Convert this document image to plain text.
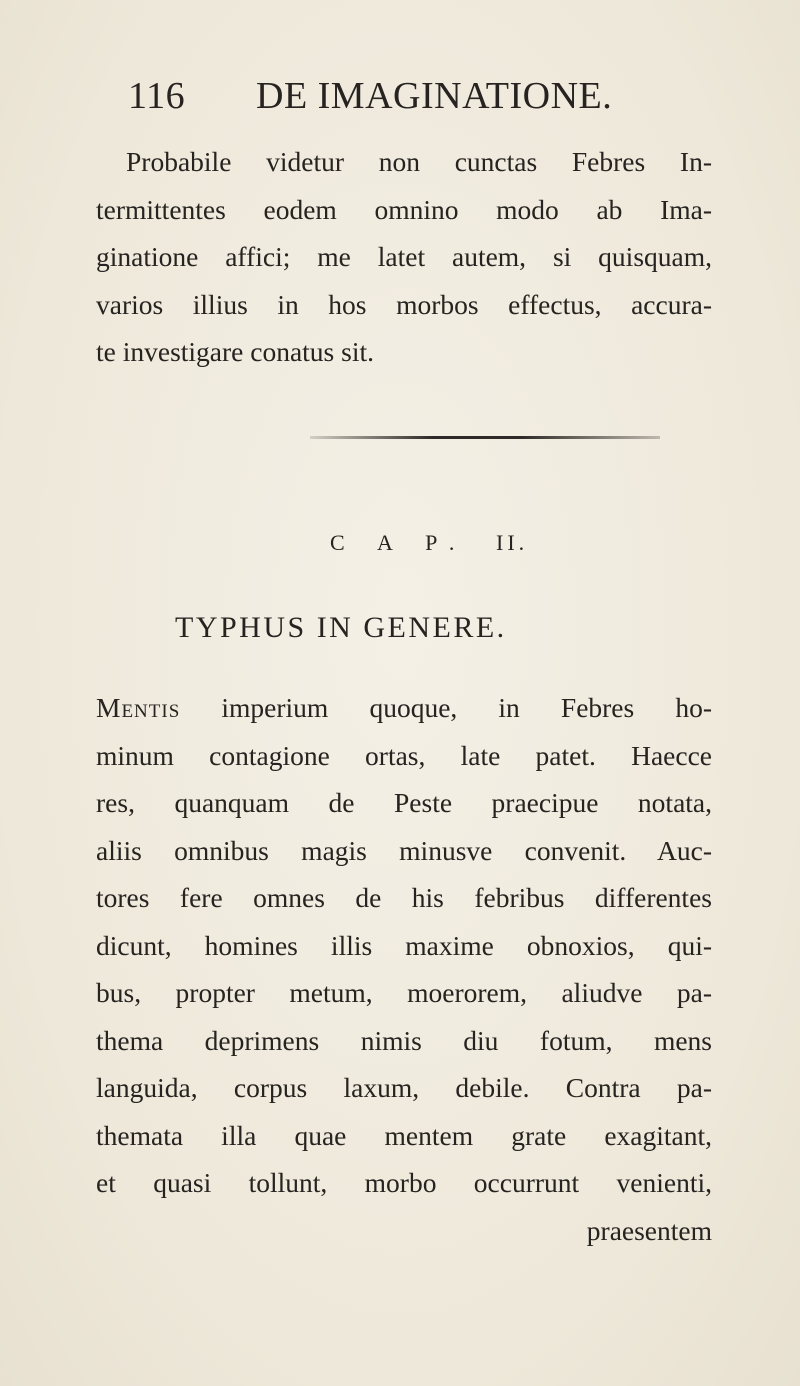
116 DE IMAGINATIONE.

Probabile videtur non cunctas Febres In-
termittentes eodem omnino modo ab Ima-
ginatione affici; me latet autem, si quisquam,
varios illius in hos morbos effectus, accura-
te investigare conatus sit.

C A P. II.
TYPHUS IN GENERE.

Mentis imperium quoque, in Febres ho-
minum contagione ortas, late patet. Haecce
res, quanquam de Peste praecipue notata,
aliis omnibus magis minusve convenit. Auc-
tores fere omnes de his febribus differentes
dicunt, homines illis maxime obnoxios, qui-
bus, propter metum, moerorem, aliudve pa-
thema deprimens nimis diu fotum, mens
languida, corpus laxum, debile. Contra pa-
themata illa quae mentem grate exagitant,
et quasi tollunt, morbo occurrunt venienti,
praesentem
